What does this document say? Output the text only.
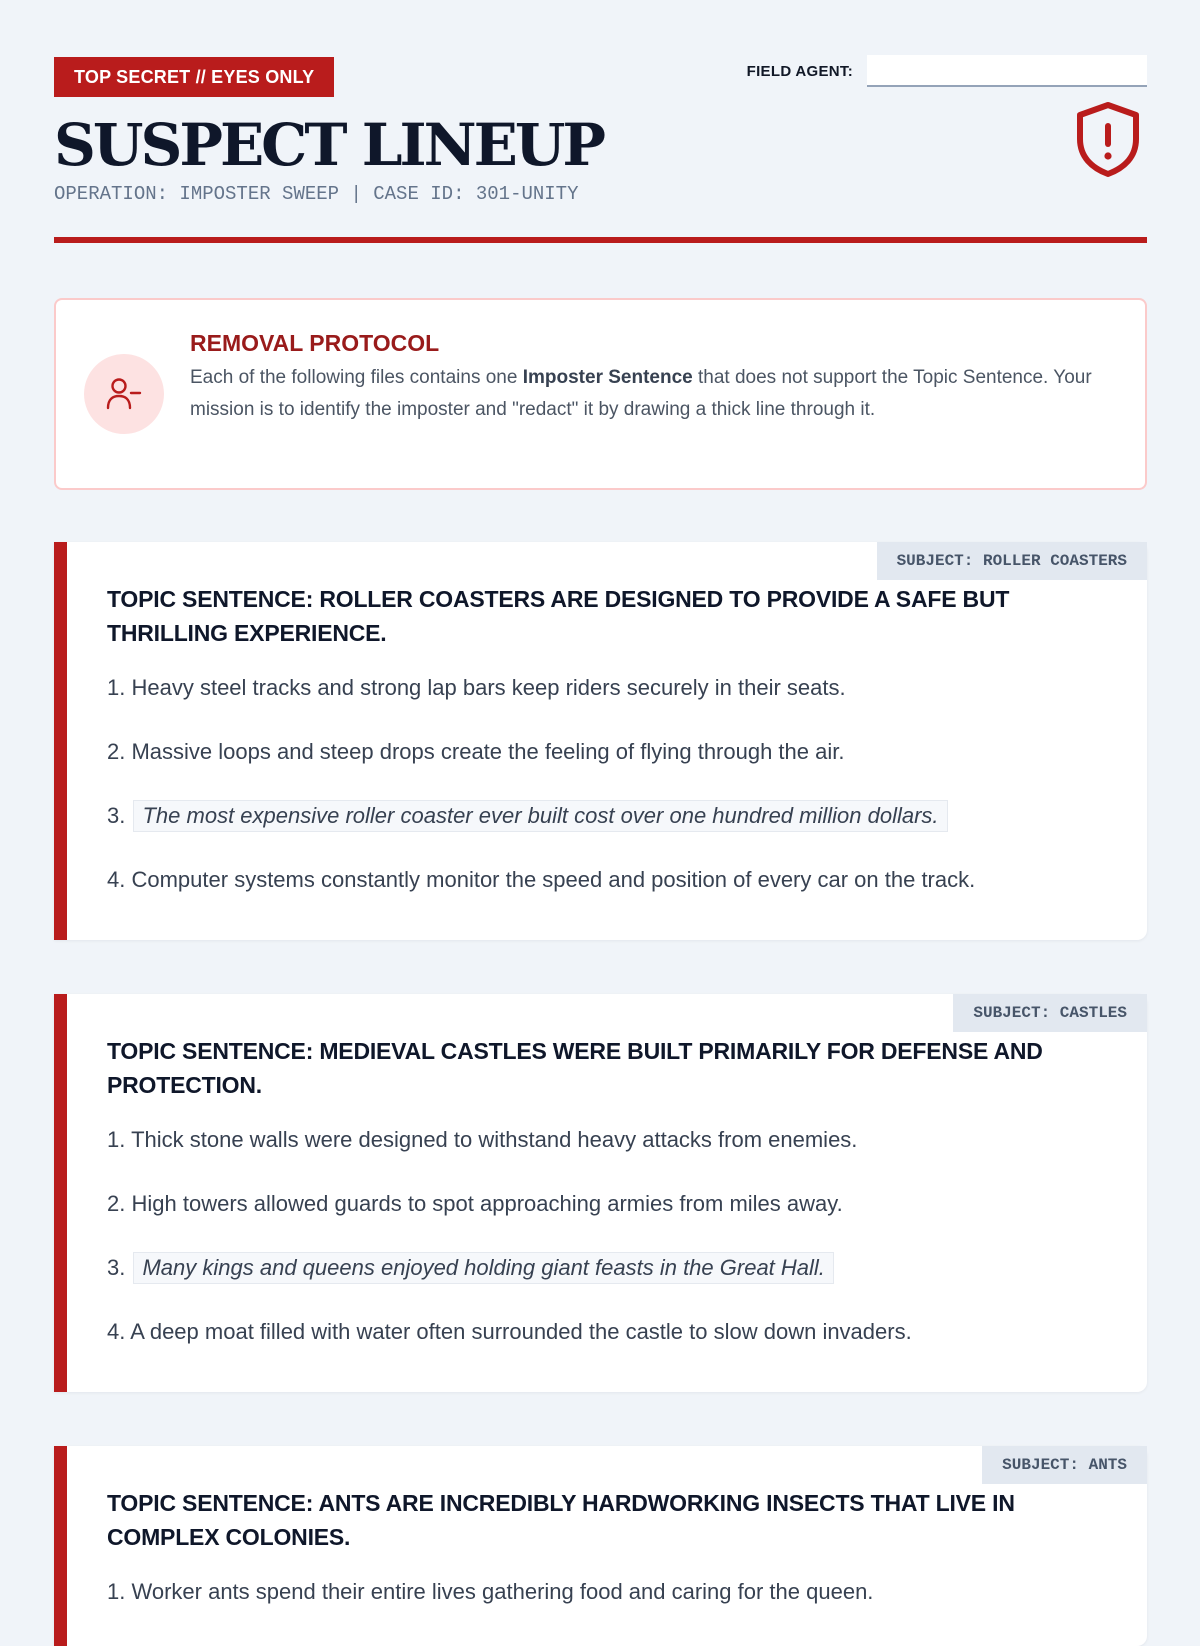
TOP SECRET // EYES ONLY	FIELD AGENT:
SUSPECT LINEUP
OPERATION: IMPOSTER SWEEP | CASE ID: 301-UNITY
REMOVAL PROTOCOL

Each of the following files contains one Imposter Sentence that does not support the Topic Sentence. Your mission is to identify the imposter and "redact" it by drawing a thick line through it.

SUBJECT: ROLLER COASTERS
TOPIC SENTENCE: ROLLER COASTERS ARE DESIGNED TO PROVIDE A SAFE BUT THRILLING EXPERIENCE.
1. Heavy steel tracks and strong lap bars keep riders securely in their seats.
2. Massive loops and steep drops create the feeling of flying through the air.
3. The most expensive roller coaster ever built cost over one hundred million dollars.
4. Computer systems constantly monitor the speed and position of every car on the track.
SUBJECT: CASTLES
TOPIC SENTENCE: MEDIEVAL CASTLES WERE BUILT PRIMARILY FOR DEFENSE AND PROTECTION.
1. Thick stone walls were designed to withstand heavy attacks from enemies.
2. High towers allowed guards to spot approaching armies from miles away.
3. Many kings and queens enjoyed holding giant feasts in the Great Hall.
4. A deep moat filled with water often surrounded the castle to slow down invaders.
SUBJECT: ANTS
TOPIC SENTENCE: ANTS ARE INCREDIBLY HARDWORKING INSECTS THAT LIVE IN COMPLEX COLONIES.
1. Worker ants spend their entire lives gathering food and caring for the queen.
